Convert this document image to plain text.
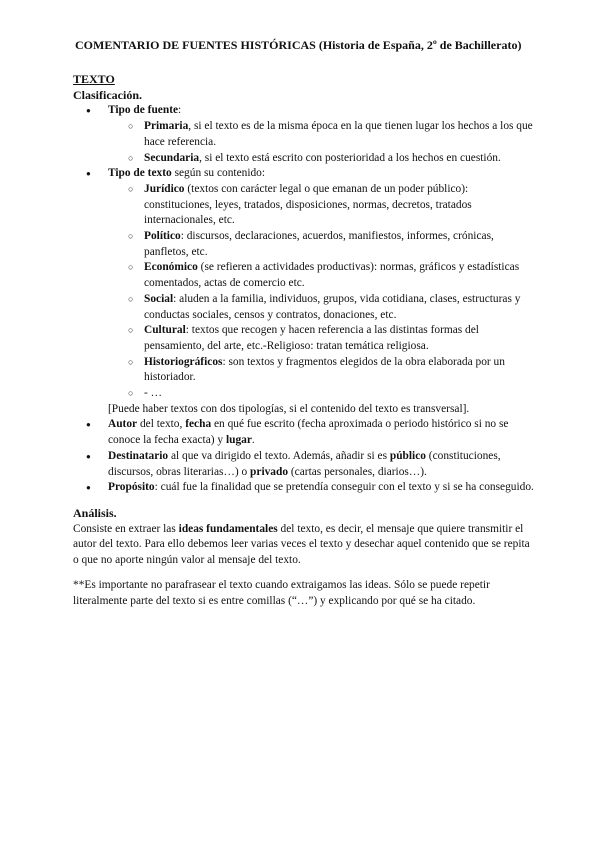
COMENTARIO DE FUENTES HISTÓRICAS (Historia de España, 2º de Bachillerato)
TEXTO
Clasificación.
● Tipo de fuente:
○ Primaria, si el texto es de la misma época en la que tienen lugar los hechos a los que hace referencia.
○ Secundaria, si el texto está escrito con posterioridad a los hechos en cuestión.
● Tipo de texto según su contenido:
○ Jurídico (textos con carácter legal o que emanan de un poder público): constituciones, leyes, tratados, disposiciones, normas, decretos, tratados internacionales, etc.
○ Político: discursos, declaraciones, acuerdos, manifiestos, informes, crónicas, panfletos, etc.
○ Económico (se refieren a actividades productivas): normas, gráficos y estadísticas comentados, actas de comercio etc.
○ Social: aluden a la familia, individuos, grupos, vida cotidiana, clases, estructuras y conductas sociales, censos y contratos, donaciones, etc.
○ Cultural: textos que recogen y hacen referencia a las distintas formas del pensamiento, del arte, etc.-Religioso: tratan temática religiosa.
○ Historiográficos: son textos y fragmentos elegidos de la obra elaborada por un historiador.
○ - …
[Puede haber textos con dos tipologías, si el contenido del texto es transversal].
● Autor del texto, fecha en qué fue escrito (fecha aproximada o periodo histórico si no se conoce la fecha exacta) y lugar.
● Destinatario al que va dirigido el texto. Además, añadir si es público (constituciones, discursos, obras literarias…) o privado (cartas personales, diarios…).
● Propósito: cuál fue la finalidad que se pretendía conseguir con el texto y si se ha conseguido.
Análisis.

Consiste en extraer las ideas fundamentales del texto, es decir, el mensaje que quiere transmitir el autor del texto. Para ello debemos leer varias veces el texto y desechar aquel contenido que se repita o que no aporte ningún valor al mensaje del texto.

**Es importante no parafrasear el texto cuando extraigamos las ideas. Sólo se puede repetir literalmente parte del texto si es entre comillas (“…”) y explicando por qué se ha citado.
